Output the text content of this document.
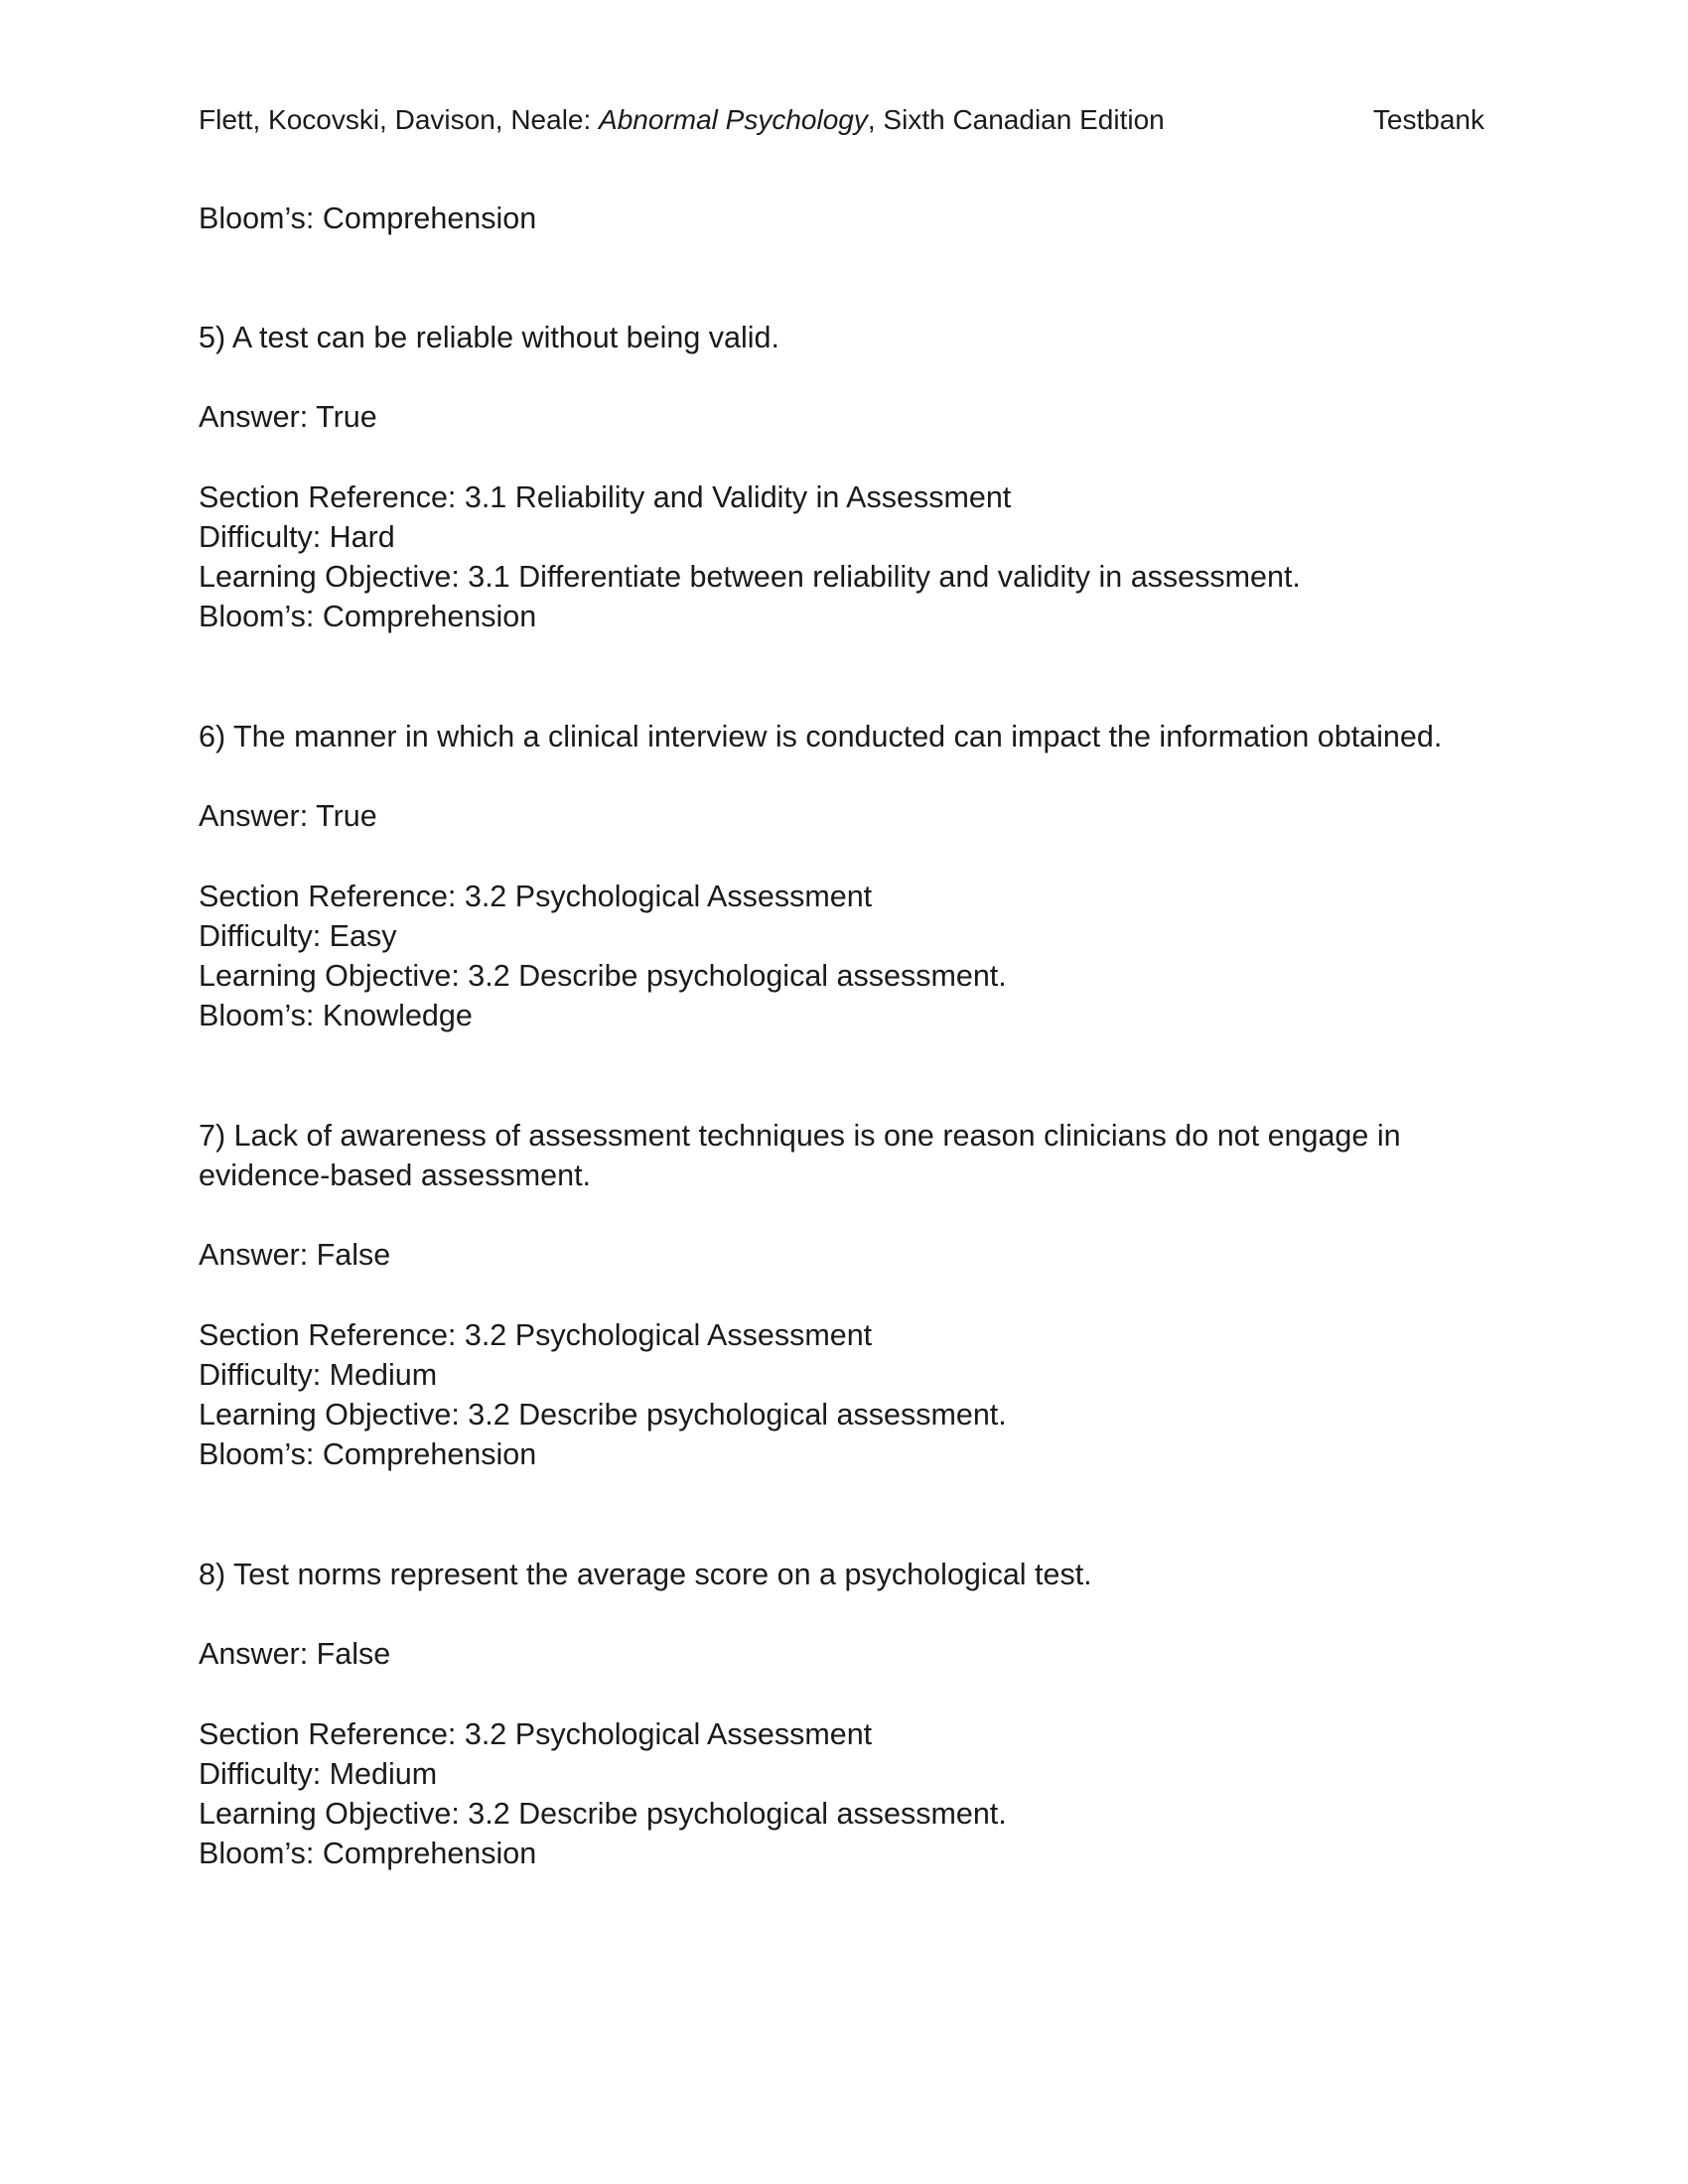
Flett, Kocovski, Davison, Neale: Abnormal Psychology, Sixth Canadian Edition	Testbank
Bloom’s: Comprehension
5) A test can be reliable without being valid.
Answer: True
Section Reference: 3.1 Reliability and Validity in Assessment
Difficulty: Hard
Learning Objective: 3.1 Differentiate between reliability and validity in assessment.
Bloom’s: Comprehension
6) The manner in which a clinical interview is conducted can impact the information obtained.
Answer: True
Section Reference: 3.2 Psychological Assessment
Difficulty: Easy
Learning Objective: 3.2 Describe psychological assessment.
Bloom’s: Knowledge
7) Lack of awareness of assessment techniques is one reason clinicians do not engage in
evidence-based assessment.
Answer: False
Section Reference: 3.2 Psychological Assessment
Difficulty: Medium
Learning Objective: 3.2 Describe psychological assessment.
Bloom’s: Comprehension
8) Test norms represent the average score on a psychological test.
Answer: False
Section Reference: 3.2 Psychological Assessment
Difficulty: Medium
Learning Objective: 3.2 Describe psychological assessment.
Bloom’s: Comprehension
